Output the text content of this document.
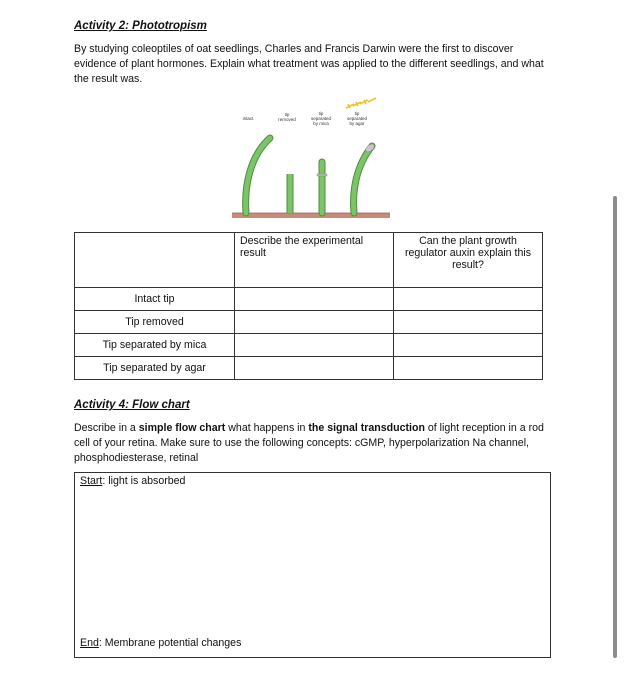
Activity 2: Phototropism
By studying coleoptiles of oat seedlings, Charles and Francis Darwin were the first to discover evidence of plant hormones. Explain what treatment was applied to the different seedlings, and what the result was.
intact
tip removed
tip separated by mica
tip separated by agar
	Describe the experimental result	Can the plant growth regulator auxin explain this result?
Intact tip		
Tip removed		
Tip separated by mica		
Tip separated by agar		
Activity 4: Flow chart
Describe in a simple flow chart what happens in the signal transduction of light reception in a rod cell of your retina. Make sure to use the following concepts: cGMP, hyperpolarization Na channel, phosphodiesterase, retinal
Start: light is absorbed
End: Membrane potential changes
